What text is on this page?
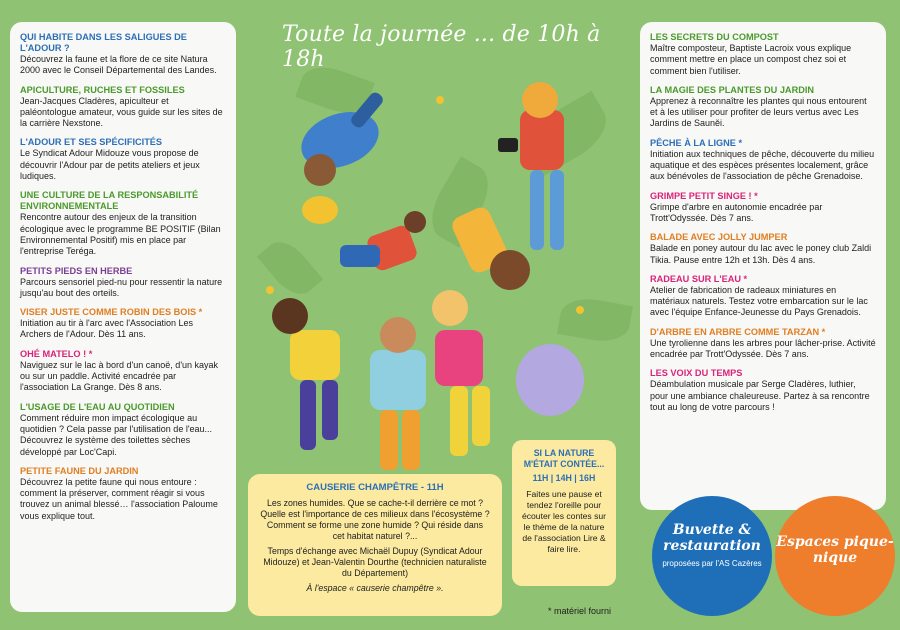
Toute la journée ... de 10h à 18h
QUI HABITE DANS LES SALIGUES DE L'ADOUR ?
Découvrez la faune et la flore de ce site Natura 2000 avec le Conseil Départemental des Landes.
APICULTURE, RUCHES ET FOSSILES
Jean-Jacques Cladères, apiculteur et paléontologue amateur, vous guide sur les sites de la carrière Nexstone.
L'ADOUR ET SES SPÉCIFICITÉS
Le Syndicat Adour Midouze vous propose de découvrir l'Adour par de petits ateliers et jeux ludiques.
UNE CULTURE DE LA RESPONSABILITÉ ENVIRONNEMENTALE
Rencontre autour des enjeux de la transition écologique avec le programme BE POSITIF (Bilan Environnemental Positif) mis en place par l'entreprise Teréga.
PETITS PIEDS EN HERBE
Parcours sensoriel pied-nu pour ressentir la nature jusqu'au bout des orteils.
VISER JUSTE COMME ROBIN DES BOIS *
Initiation au tir à l'arc avec l'Association Les Archers de l'Adour. Dès 11 ans.
OHÉ MATELO ! *
Naviguez sur le lac à bord d'un canoë, d'un kayak ou sur un paddle. Activité encadrée par l'association La Grange. Dès 8 ans.
L'USAGE DE L'EAU AU QUOTIDIEN
Comment réduire mon impact écologique au quotidien ? Cela passe par l'utilisation de l'eau... Découvrez le système des toilettes sèches développé par Loc'Capi.
PETITE FAUNE DU JARDIN
Découvrez la petite faune qui nous entoure : comment la préserver, comment réagir si vous trouvez un animal blessé… l'association Paloume vous explique tout.
LES SECRETS DU COMPOST
Maître composteur, Baptiste Lacroix vous explique comment mettre en place un compost chez soi et comment bien l'utiliser.
LA MAGIE DES PLANTES DU JARDIN
Apprenez à reconnaître les plantes qui nous entourent et à les utiliser pour profiter de leurs vertus avec Les Jardins de Sauněi.
PÊCHE À LA LIGNE *
Initiation aux techniques de pêche, découverte du milieu aquatique et des espèces présentes localement, grâce aux bénévoles de l'association de pêche Grenadoise.
GRIMPE PETIT SINGE ! *
Grimpe d'arbre en autonomie encadrée par Trott'Odyssée. Dès 7 ans.
BALADE AVEC JOLLY JUMPER
Balade en poney autour du lac avec le poney club Zaldi Tikia. Pause entre 12h et 13h. Dès 4 ans.
RADEAU SUR L'EAU *
Atelier de fabrication de radeaux miniatures en matériaux naturels. Testez votre embarcation sur le lac avec l'équipe Enfance-Jeunesse du Pays Grenadois.
D'ARBRE EN ARBRE COMME TARZAN *
Une tyrolienne dans les arbres pour lâcher-prise. Activité encadrée par Trott'Odyssée. Dès 7 ans.
LES VOIX DU TEMPS
Déambulation musicale par Serge Cladères, luthier, pour une ambiance chaleureuse. Partez à sa rencontre tout au long de votre parcours !
CAUSERIE CHAMPÊTRE - 11H

Les zones humides. Que se cache-t-il derrière ce mot ? Quelle est l'importance de ces milieux dans l'écosystème ? Comment se forme une zone humide ? Qui réside dans cet habitat naturel ?...

Temps d'échange avec Michaël Dupuy (Syndicat Adour Midouze) et Jean-Valentin Dourthe (technicien naturaliste du Département)

À l'espace « causerie champêtre ».

SI LA NATURE M'ÉTAIT CONTÉE...
11H | 14H | 16H

Faites une pause et tendez l'oreille pour écouter les contes sur le thème de la nature de l'association Lire & faire lire.

* matériel fourni
Buvette & restauration
proposées par l'AS Cazères
Espaces pique-nique
